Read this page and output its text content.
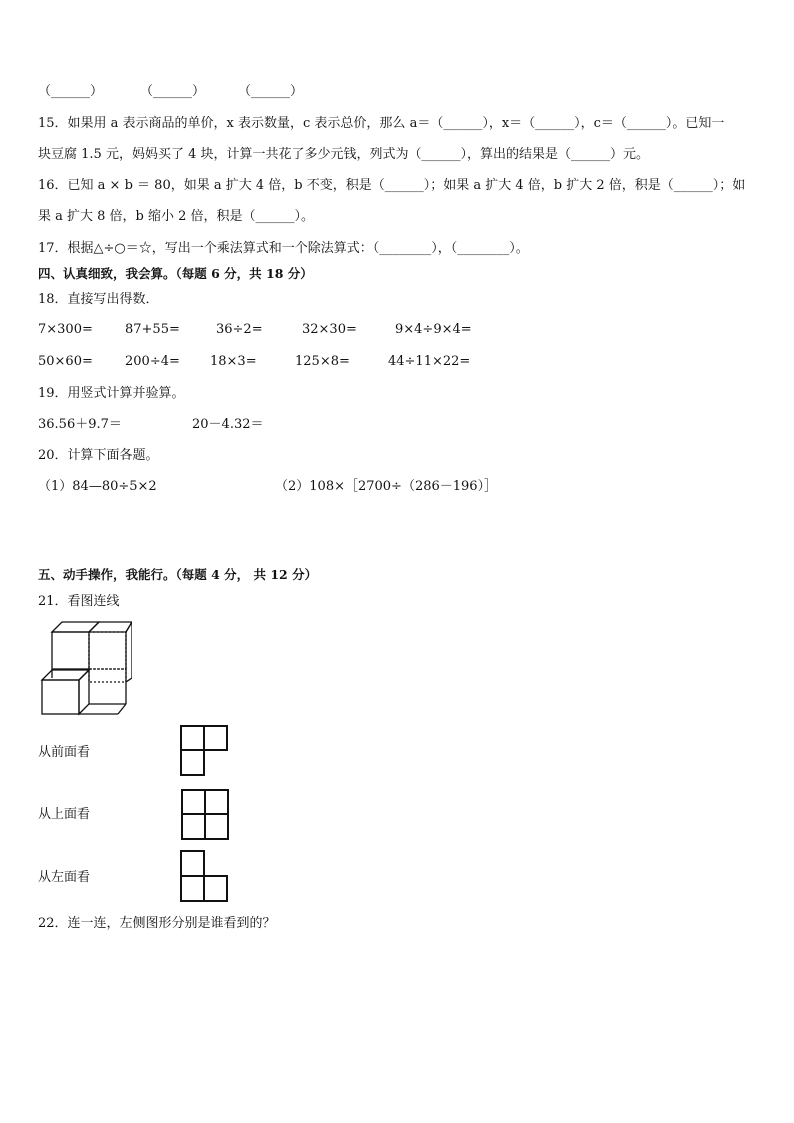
（______）	（______）	（______）
15．如果用 a 表示商品的单价，x 表示数量，c 表示总价，那么 a＝（______），x＝（______），c＝（______）。已知一
块豆腐 1.5 元，妈妈买了 4 块，计算一共花了多少元钱，列式为（______），算出的结果是（______）元。
16．已知 a × b ＝ 80，如果 a 扩大 4 倍，b 不变，积是（______）；如果 a 扩大 4 倍，b 扩大 2 倍，积是（______）；如
果 a 扩大 8 倍，b 缩小 2 倍，积是（______）。
17．根据△÷○＝☆，写出一个乘法算式和一个除法算式：（________），（________）。
四、认真细致，我会算。（每题 6 分，共 18 分）
18．直接写出得数．
7×300= 87+55=	36÷2=	32×30=	9×4÷9×4=
50×60= 200÷4= 18×3=	125×8=	44÷11×22=
19．用竖式计算并验算。
36.56＋9.7＝	20－4.32＝
20．计算下面各题。
（1）84—80÷5×2	（2）108×［2700÷（286－196）］
五、动手操作，我能行。（每题 4 分， 共 12 分）
21．看图连线
从前面看
从上面看
从左面看
22．连一连，左侧图形分别是谁看到的？
